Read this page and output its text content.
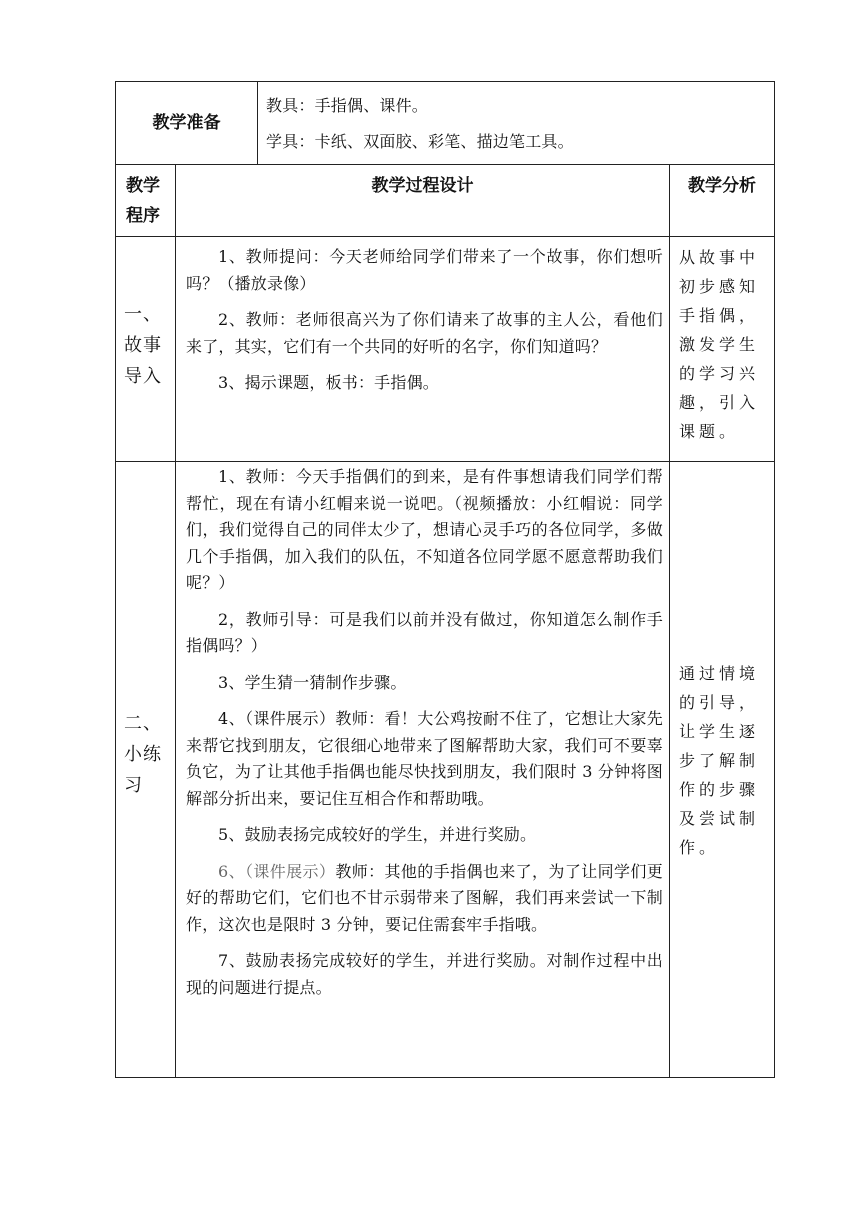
教学准备

教具：手指偶、课件。

学具：卡纸、双面胶、彩笔、描边笔工具。

教学程序
教学过程设计	教学分析
一、故事导入

1、教师提问：今天老师给同学们带来了一个故事，你们想听吗？（播放录像）

2、教师：老师很高兴为了你们请来了故事的主人公，看他们来了，其实，它们有一个共同的好听的名字，你们知道吗？

3、揭示课题，板书：手指偶。

从故事中初步感知手指偶，激发学生的学习兴趣，引入课题。
二、小练习

1、教师：今天手指偶们的到来，是有件事想请我们同学们帮帮忙，现在有请小红帽来说一说吧。（视频播放：小红帽说：同学们，我们觉得自己的同伴太少了，想请心灵手巧的各位同学，多做几个手指偶，加入我们的队伍，不知道各位同学愿不愿意帮助我们呢？）

2，教师引导：可是我们以前并没有做过，你知道怎么制作手指偶吗？）

3、学生猜一猜制作步骤。

4、（课件展示）教师：看！大公鸡按耐不住了，它想让大家先来帮它找到朋友，它很细心地带来了图解帮助大家，我们可不要辜负它，为了让其他手指偶也能尽快找到朋友，我们限时 3 分钟将图解部分折出来，要记住互相合作和帮助哦。

5、鼓励表扬完成较好的学生，并进行奖励。

6、（课件展示）教师：其他的手指偶也来了，为了让同学们更好的帮助它们，它们也不甘示弱带来了图解，我们再来尝试一下制作，这次也是限时 3 分钟，要记住需套牢手指哦。

7、鼓励表扬完成较好的学生，并进行奖励。对制作过程中出现的问题进行提点。

通过情境的引导，让学生逐步了解制作的步骤及尝试制作。
